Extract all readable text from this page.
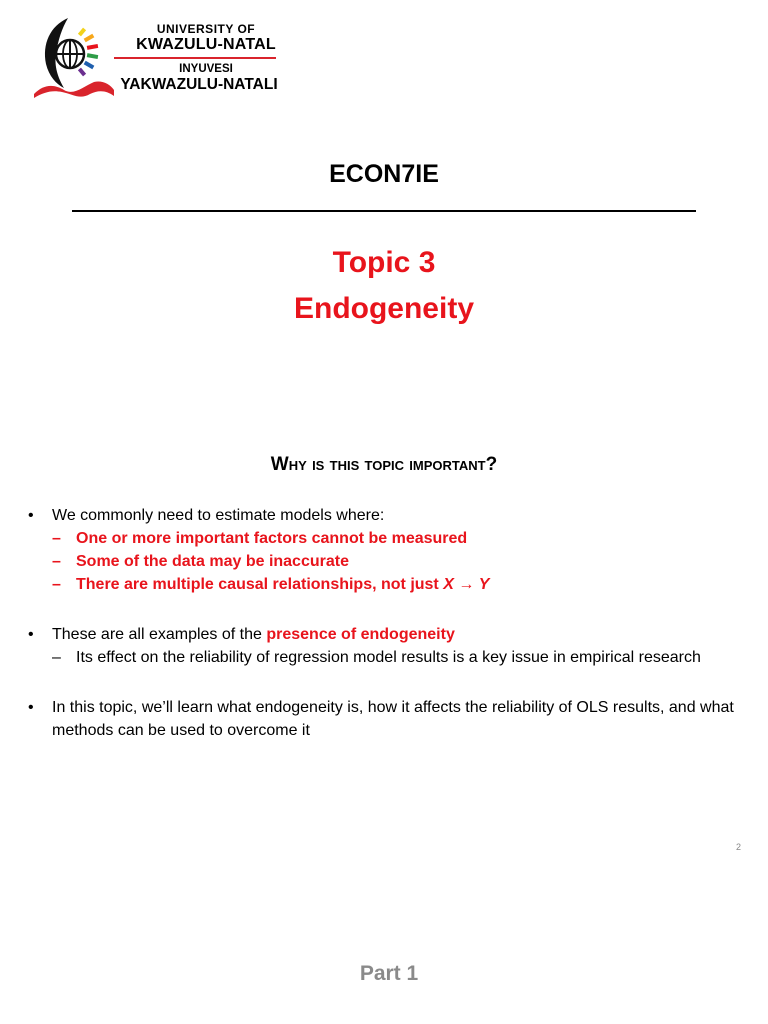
UNIVERSITY OF
KWAZULU-NATAL
INYUVESI
YAKWAZULU-NATALI
ECON7IE
Topic 3
Endogeneity
Why is this topic important?
• We commonly need to estimate models where:
– One or more important factors cannot be measured
– Some of the data may be inaccurate
– There are multiple causal relationships, not just X → Y
• These are all examples of the presence of endogeneity
– Its effect on the reliability of regression model results is a key issue in empirical research
• In this topic, we’ll learn what endogeneity is, how it affects the reliability of OLS results, and what methods can be used to overcome it
2
Part 1
